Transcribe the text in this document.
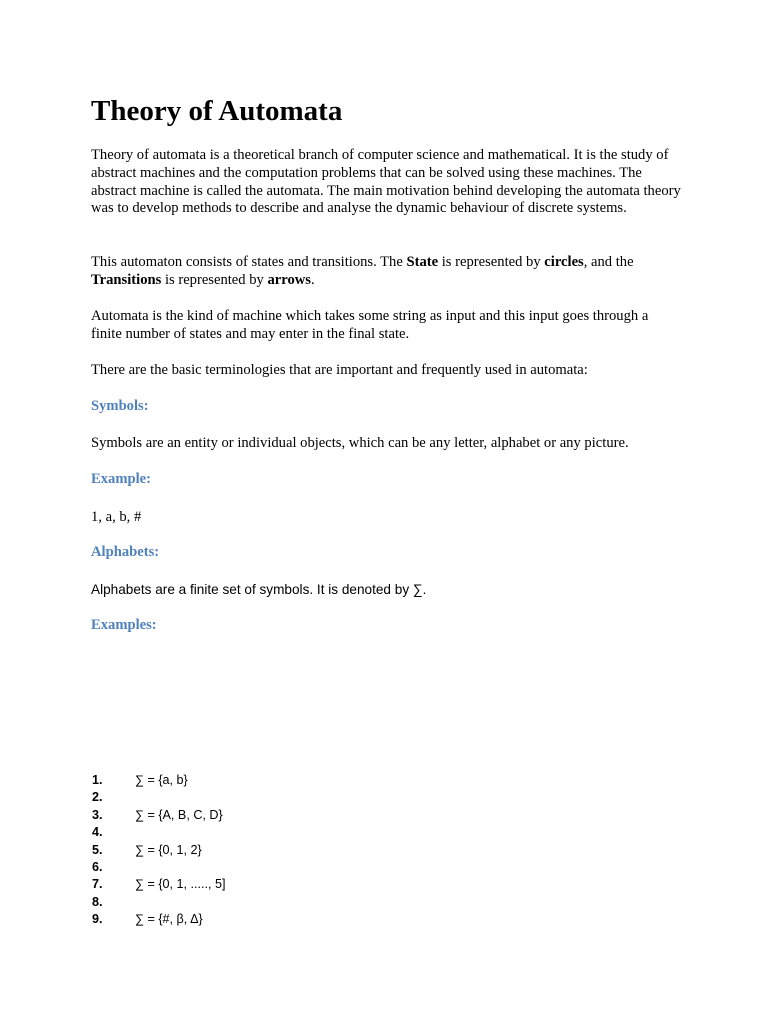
Theory of Automata

Theory of automata is a theoretical branch of computer science and mathematical. It is the study of abstract machines and the computation problems that can be solved using these machines. The abstract machine is called the automata. The main motivation behind developing the automata theory was to develop methods to describe and analyse the dynamic behaviour of discrete systems.

This automaton consists of states and transitions. The State is represented by circles, and the Transitions is represented by arrows.

Automata is the kind of machine which takes some string as input and this input goes through a finite number of states and may enter in the final state.

There are the basic terminologies that are important and frequently used in automata:

Symbols:

Symbols are an entity or individual objects, which can be any letter, alphabet or any picture.

Example:

1, a, b, #

Alphabets:

Alphabets are a finite set of symbols. It is denoted by ∑.

Examples:

1.	∑ = {a, b}
2.
3.	∑ = {A, B, C, D}
4.
5.	∑ = {0, 1, 2}
6.
7.	∑ = {0, 1, ....., 5]
8.
9.	∑ = {#, β, Δ}
